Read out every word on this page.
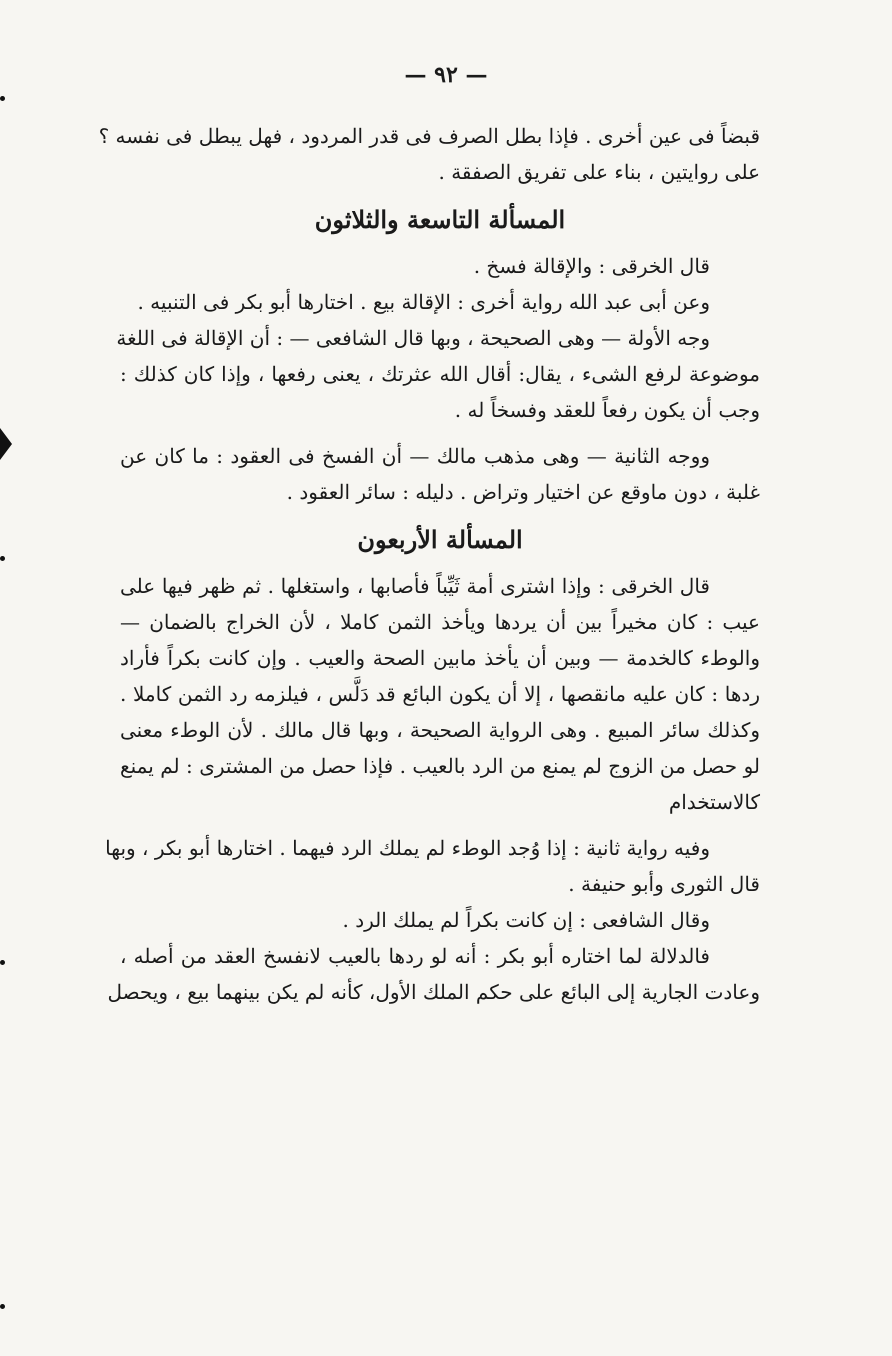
— ٩٢ —
قبضاً فى عين أخرى . فإذا بطل الصرف فى قدر المردود ، فهل يبطل فى نفسه ؟
على روايتين ، بناء على تفريق الصفقة .
المسألة التاسعة والثلاثون
قال الخرقى : والإقالة فسخ .
وعن أبى عبد الله رواية أخرى : الإقالة بيع . اختارها أبو بكر فى التنبيه .
وجه الأولة — وهى الصحيحة ، وبها قال الشافعى — : أن الإقالة فى اللغة
موضوعة لرفع الشىء ، يقال: أقال الله عثرتك ، يعنى رفعها ، وإذا كان كذلك :
وجب أن يكون رفعاً للعقد وفسخاً له .
ووجه الثانية — وهى مذهب مالك — أن الفسخ فى العقود : ما كان عن
غلبة ، دون ماوقع عن اختيار وتراض . دليله : سائر العقود .
المسألة الأربعون
قال الخرقى : وإذا اشترى أمة ثَيِّباً فأصابها ، واستغلها . ثم ظهر فيها على
عيب : كان مخيراً بين أن يردها ويأخذ الثمن كاملا ، لأن الخراج بالضمان —
والوطء كالخدمة — وبين أن يأخذ مابين الصحة والعيب . وإن كانت بكراً فأراد
ردها : كان عليه مانقصها ، إلا أن يكون البائع قد دَلَّس ، فيلزمه رد الثمن كاملا .
وكذلك سائر المبيع . وهى الرواية الصحيحة ، وبها قال مالك . لأن الوطء معنى
لو حصل من الزوج لم يمنع من الرد بالعيب . فإذا حصل من المشترى : لم يمنع
كالاستخدام
وفيه رواية ثانية : إذا وُجد الوطء لم يملك الرد فيهما . اختارها أبو بكر ، وبها
قال الثورى وأبو حنيفة .
وقال الشافعى : إن كانت بكراً لم يملك الرد .
فالدلالة لما اختاره أبو بكر : أنه لو ردها بالعيب لانفسخ العقد من أصله ،
وعادت الجارية إلى البائع على حكم الملك الأول، كأنه لم يكن بينهما بيع ، ويحصل
